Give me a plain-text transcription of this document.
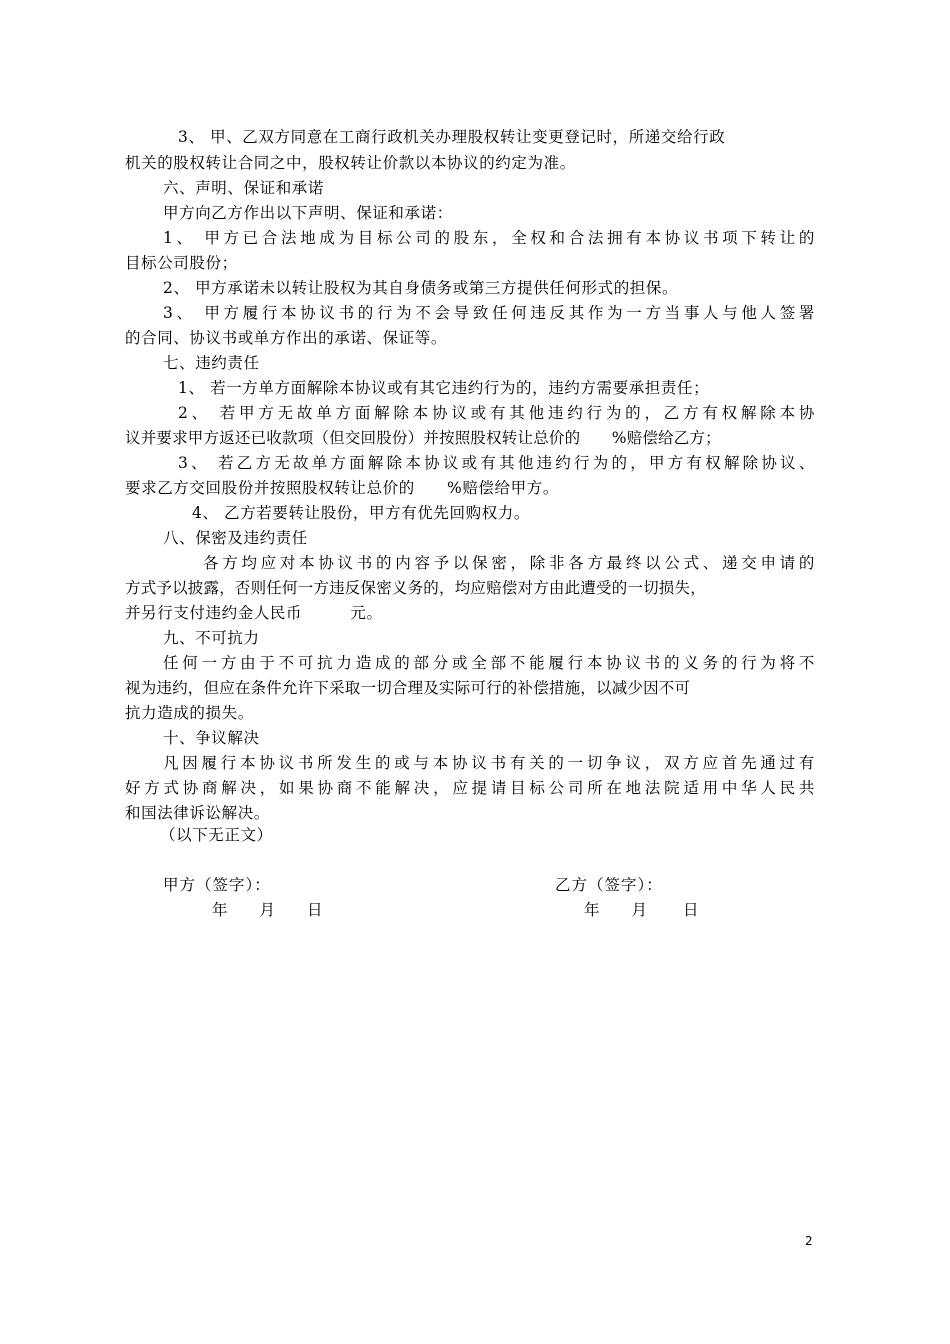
3、 甲、乙双方同意在工商行政机关办理股权转让变更登记时，所递交给行政
机关的股权转让合同之中，股权转让价款以本协议的约定为准。
六、声明、保证和承诺
甲方向乙方作出以下声明、保证和承诺：
1、 甲方已合法地成为目标公司的股东，全权和合法拥有本协议书项下转让的
目标公司股份；
2、 甲方承诺未以转让股权为其自身债务或第三方提供任何形式的担保。
3、 甲方履行本协议书的行为不会导致任何违反其作为一方当事人与他人签署
的合同、协议书或单方作出的承诺、保证等。
七、违约责任
1、 若一方单方面解除本协议或有其它违约行为的，违约方需要承担责任；
2、 若甲方无故单方面解除本协议或有其他违约行为的，乙方有权解除本协
议并要求甲方返还已收款项（但交回股份）并按照股权转让总价的　　%赔偿给乙方；
3、 若乙方无故单方面解除本协议或有其他违约行为的，甲方有权解除协议、
要求乙方交回股份并按照股权转让总价的　　%赔偿给甲方。
4、 乙方若要转让股份，甲方有优先回购权力。
八、保密及违约责任
各方均应对本协议书的内容予以保密，除非各方最终以公式、递交申请的
方式予以披露，否则任何一方违反保密义务的，均应赔偿对方由此遭受的一切损失，
并另行支付违约金人民币　　　元。
九、不可抗力
任何一方由于不可抗力造成的部分或全部不能履行本协议书的义务的行为将不
视为违约，但应在条件允许下采取一切合理及实际可行的补偿措施，以减少因不可
抗力造成的损失。
十、争议解决
凡因履行本协议书所发生的或与本协议书有关的一切争议，双方应首先通过有
好方式协商解决，如果协商不能解决，应提请目标公司所在地法院适用中华人民共
和国法律诉讼解决。
（以下无正文）
甲方（签字）：	乙方（签字）：
年 月 日	年 月 日
2
